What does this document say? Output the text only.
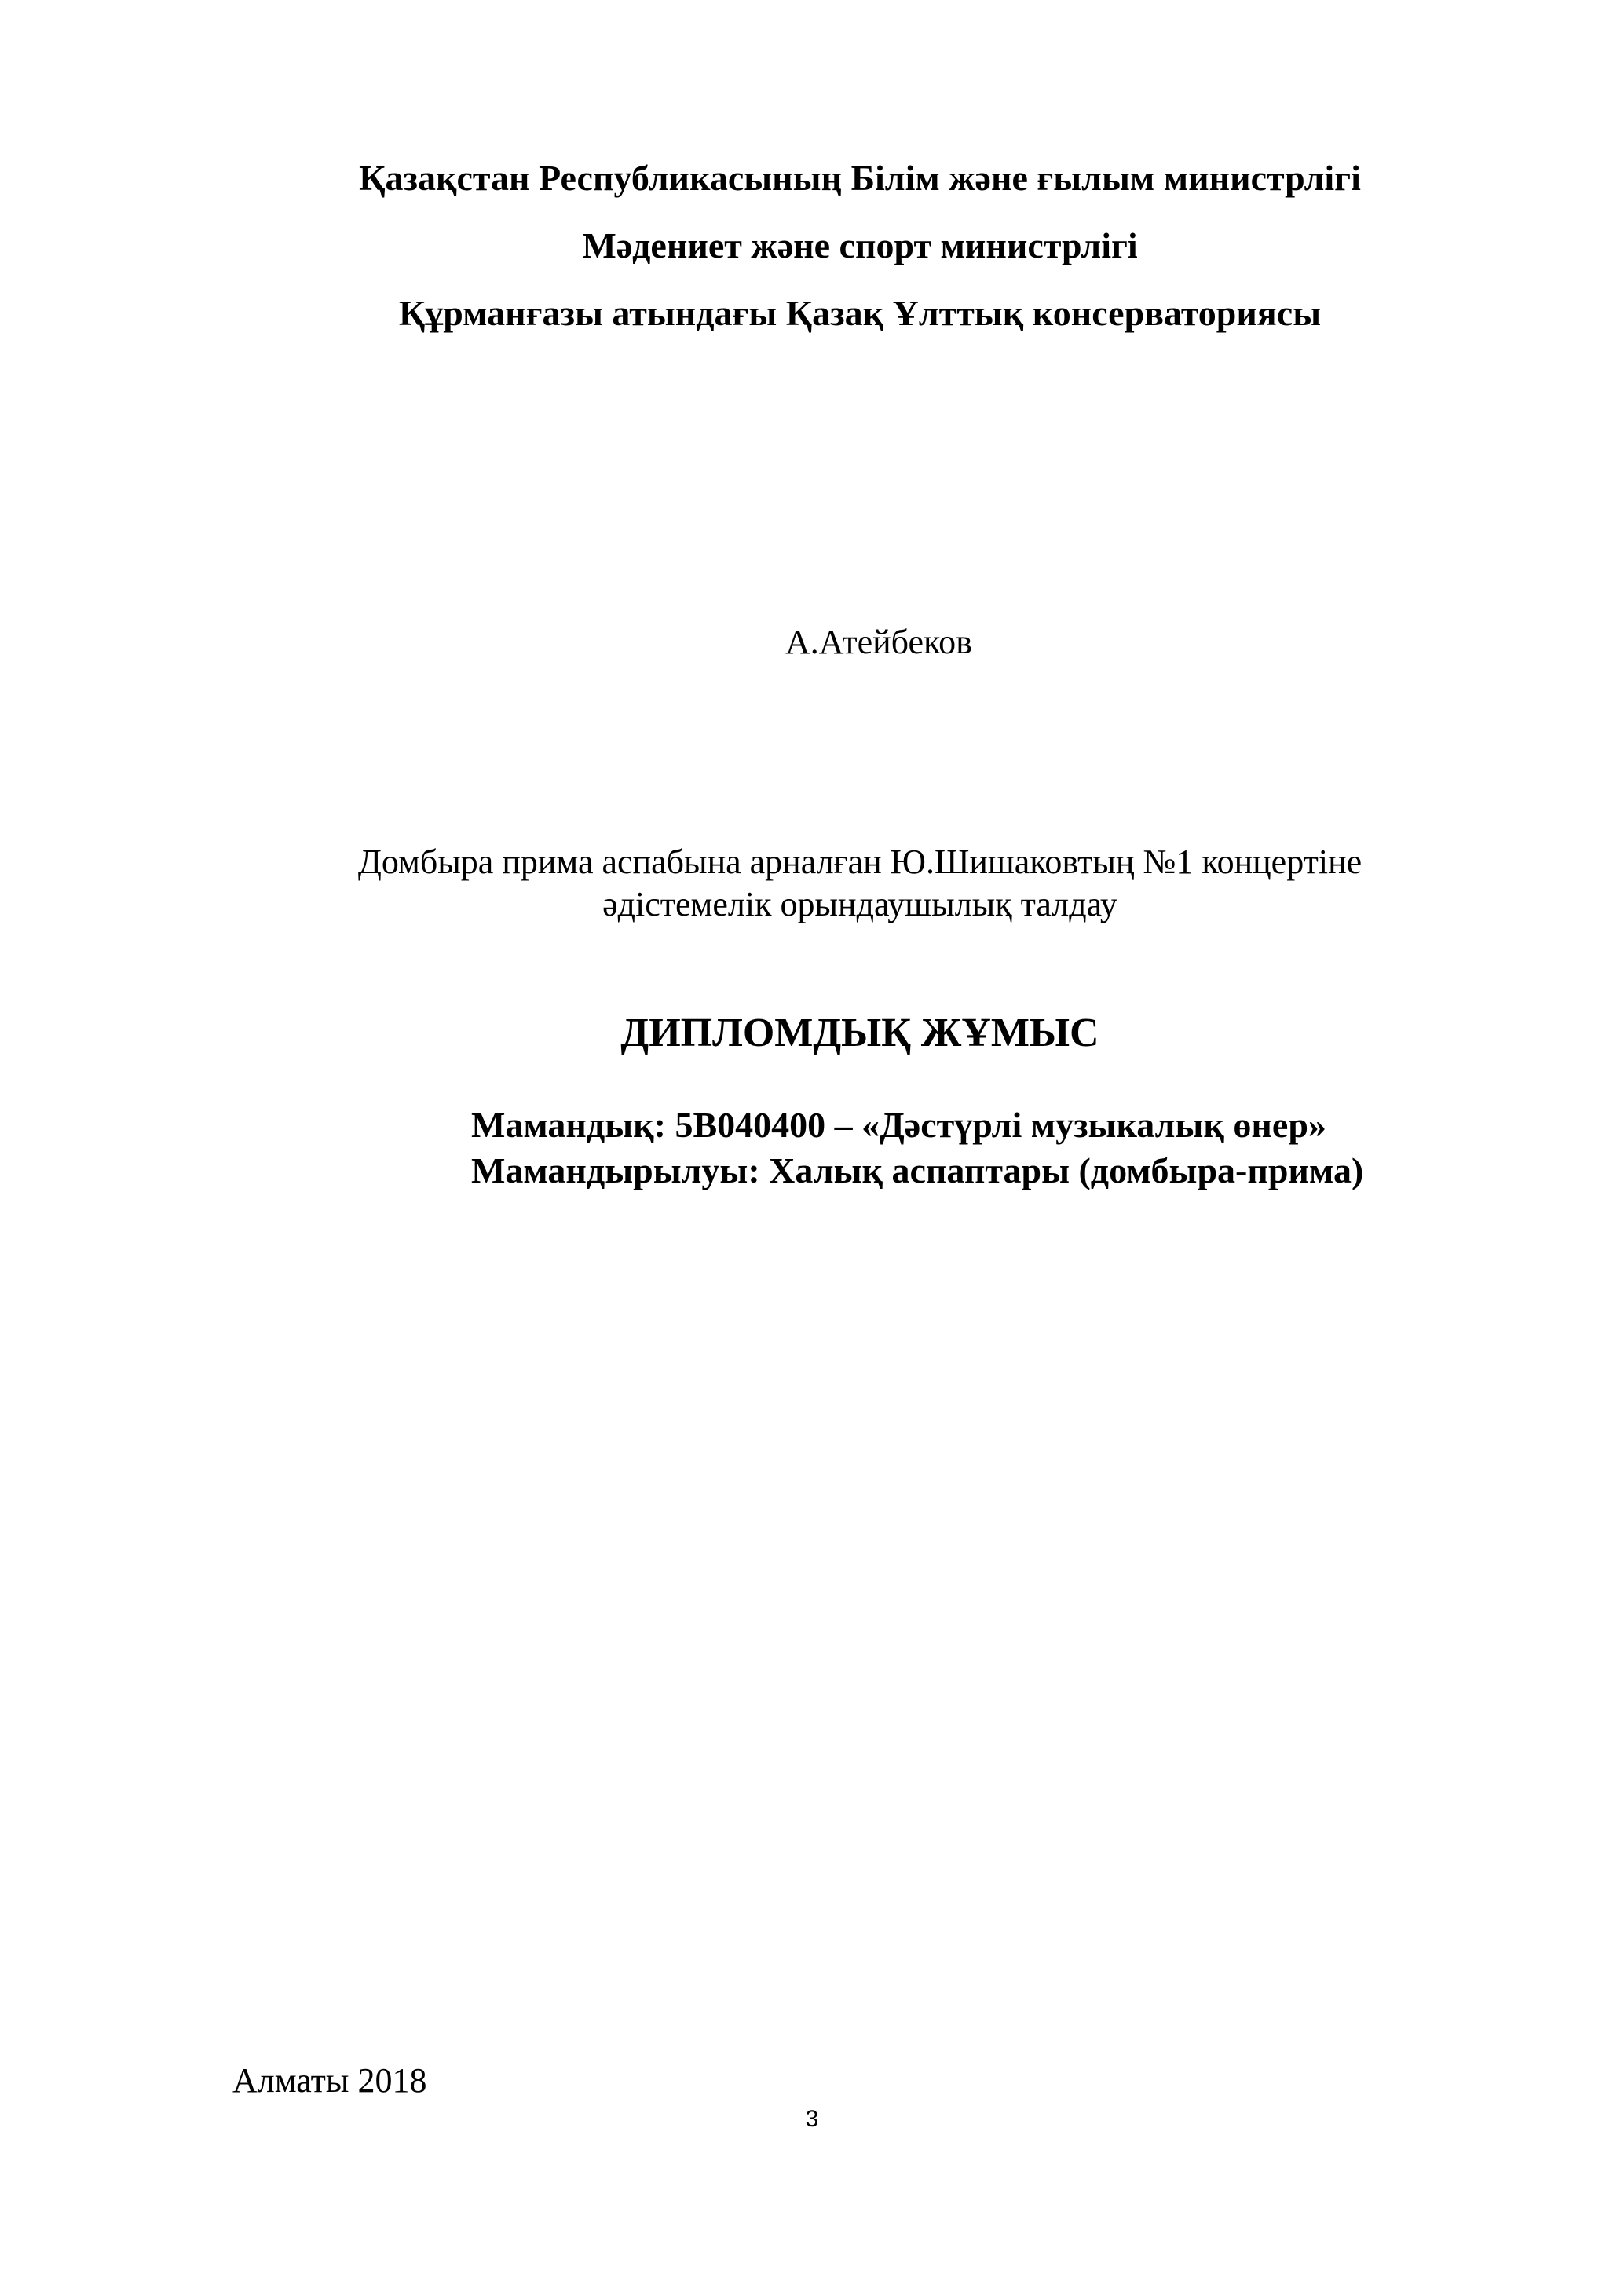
Қазақстан Республикасының Білім және ғылым министрлігі
Мәдениет және спорт министрлігі
Құрманғазы атындағы Қазақ Ұлттық консерваториясы
А.Атейбеков
Домбыра прима аспабына арналған Ю.Шишаковтың №1 концертіне
әдістемелік орындаушылық талдау
ДИПЛОМДЫҚ ЖҰМЫС
Мамандық: 5В040400 – «Дәстүрлі музыкалық өнер»
Мамандырылуы: Халық аспаптары (домбыра-прима)
Алматы 2018
3
